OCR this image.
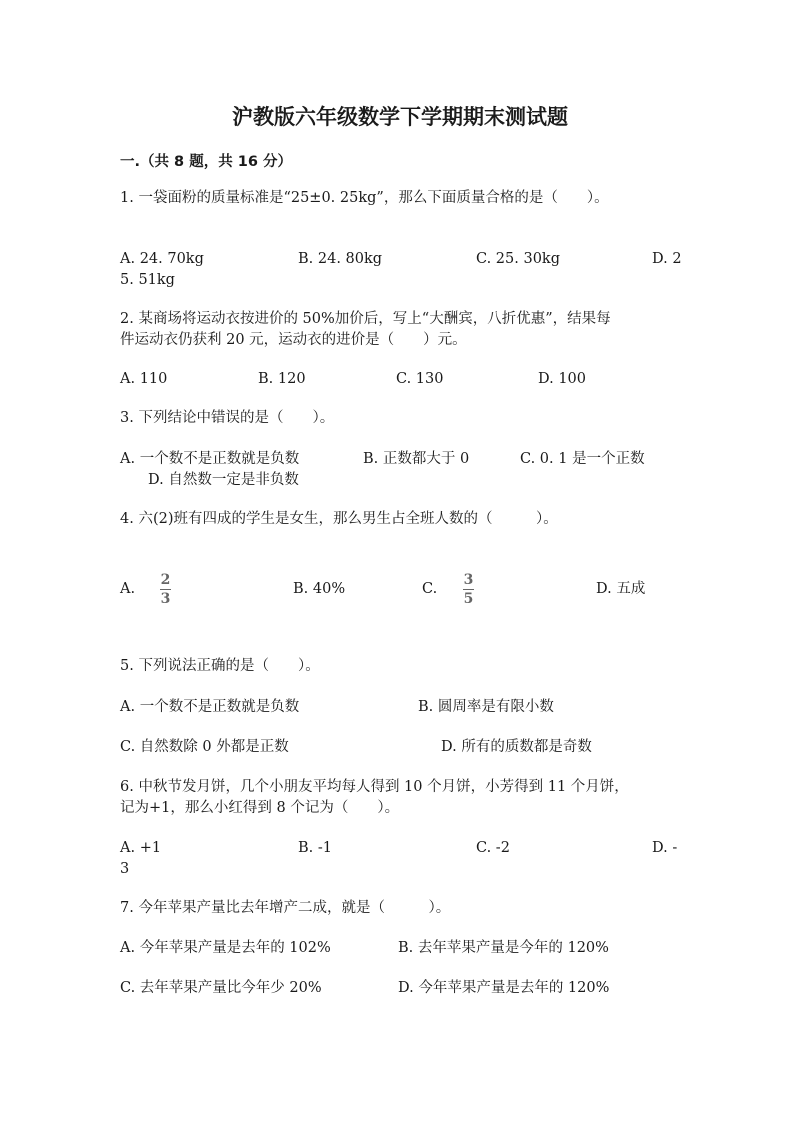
沪教版六年级数学下学期期末测试题
一.（共 8 题，共 16 分）
1. 一袋面粉的质量标准是“25±0. 25kg”，那么下面质量合格的是（　　）。
A. 24. 70kg	B. 24. 80kg	C. 25. 30kg	D. 2
5. 51kg
2. 某商场将运动衣按进价的 50%加价后，写上“大酬宾，八折优惠”，结果每
件运动衣仍获利 20 元，运动衣的进价是（　　）元。
A. 110	B. 120	C. 130	D. 100
3. 下列结论中错误的是（　　）。
A. 一个数不是正数就是负数	B. 正数都大于 0	C. 0. 1 是一个正数
D. 自然数一定是非负数
4. 六(2)班有四成的学生是女生，那么男生占全班人数的（　　　）。
A.
2
3
B. 40%	C.
3
5
D. 五成
5. 下列说法正确的是（　　）。
A. 一个数不是正数就是负数	B. 圆周率是有限小数
C. 自然数除 0 外都是正数	D. 所有的质数都是奇数
6. 中秋节发月饼，几个小朋友平均每人得到 10 个月饼，小芳得到 11 个月饼，
记为+1，那么小红得到 8 个记为（　　）。
A. +1	B. -1	C. -2	D. -
3
7. 今年苹果产量比去年增产二成，就是（　　　）。
A. 今年苹果产量是去年的 102%	B. 去年苹果产量是今年的 120%
C. 去年苹果产量比今年少 20%	D. 今年苹果产量是去年的 120%
